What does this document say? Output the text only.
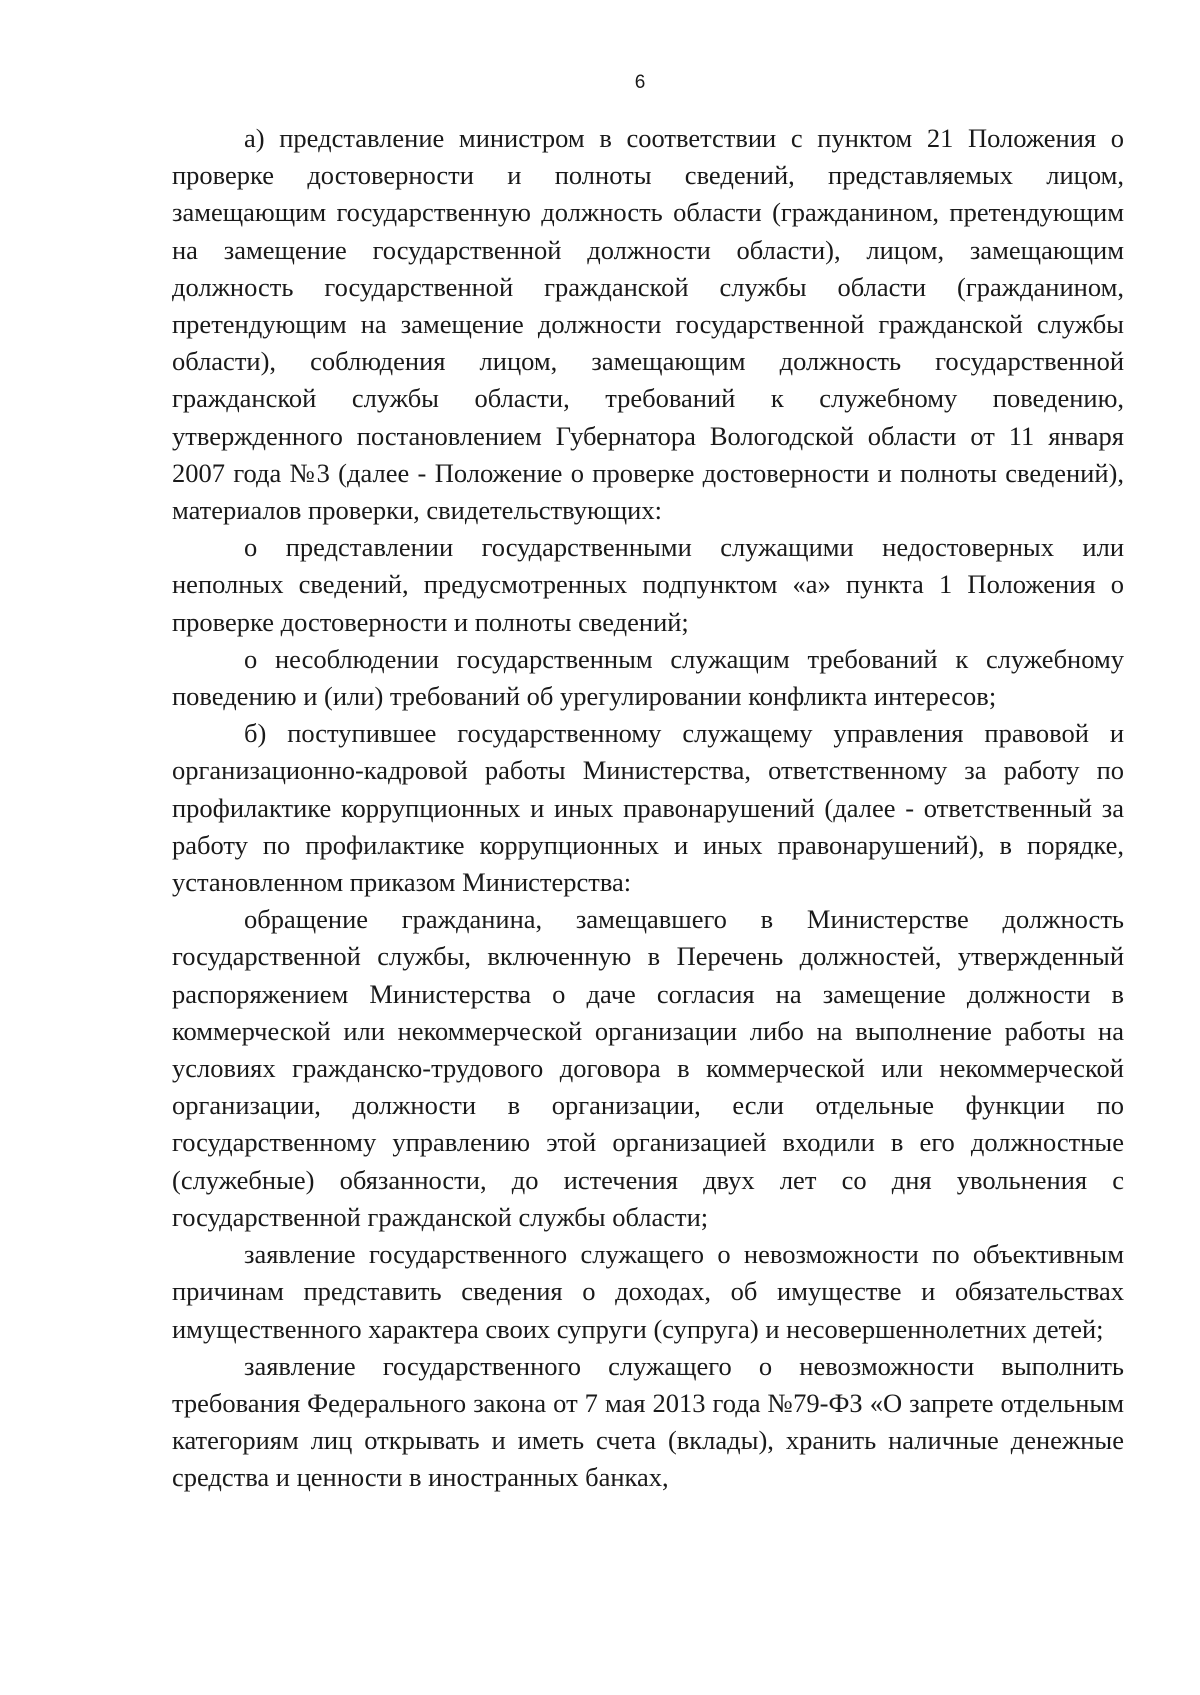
6

а) представление министром в соответствии с пунктом 21 Положения о проверке достоверности и полноты сведений, представляемых лицом, замещающим государственную должность области (гражданином, претендующим на замещение государственной должности области), лицом, замещающим должность государственной гражданской службы области (гражданином, претендующим на замещение должности государственной гражданской службы области), соблюдения лицом, замещающим должность государственной гражданской службы области, требований к служебному поведению, утвержденного постановлением Губернатора Вологодской области от 11 января 2007 года №3 (далее - Положение о проверке достоверности и полноты сведений), материалов проверки, свидетельствующих:

о представлении государственными служащими недостоверных или неполных сведений, предусмотренных подпунктом «а» пункта 1 Положения о проверке достоверности и полноты сведений;

о несоблюдении государственным служащим требований к служебному поведению и (или) требований об урегулировании конфликта интересов;

б) поступившее государственному служащему управления правовой и организационно-кадровой работы Министерства, ответственному за работу по профилактике коррупционных и иных правонарушений (далее - ответственный за работу по профилактике коррупционных и иных правонарушений), в порядке, установленном приказом Министерства:

обращение гражданина, замещавшего в Министерстве должность государственной службы, включенную в Перечень должностей, утвержденный распоряжением Министерства о даче согласия на замещение должности в коммерческой или некоммерческой организации либо на выполнение работы на условиях гражданско-трудового договора в коммерческой или некоммерческой организации, должности в организации, если отдельные функции по государственному управлению этой организацией входили в его должностные (служебные) обязанности, до истечения двух лет со дня увольнения с государственной гражданской службы области;

заявление государственного служащего о невозможности по объективным причинам представить сведения о доходах, об имуществе и обязательствах имущественного характера своих супруги (супруга) и несовершеннолетних детей;

заявление государственного служащего о невозможности выполнить требования Федерального закона от 7 мая 2013 года №79-ФЗ «О запрете отдельным категориям лиц открывать и иметь счета (вклады), хранить наличные денежные средства и ценности в иностранных банках,
